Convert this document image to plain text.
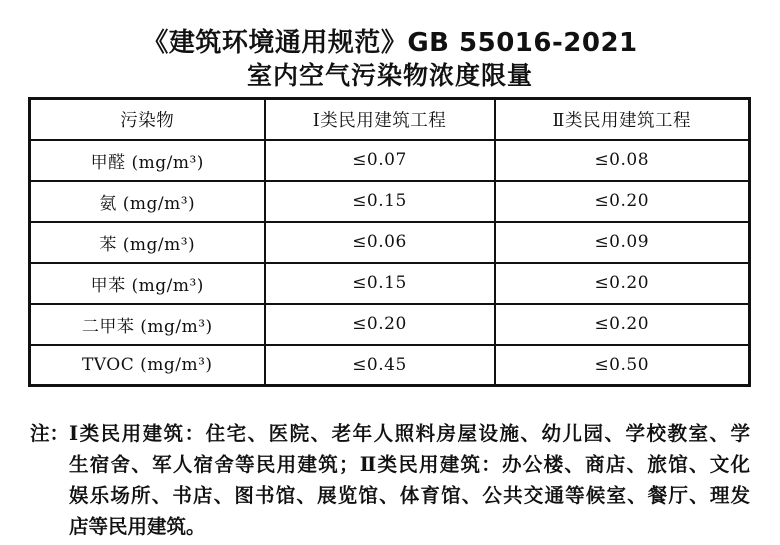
《建筑环境通用规范》GB 55016-2021
室内空气污染物浓度限量
污染物	Ⅰ类民用建筑工程	Ⅱ类民用建筑工程
甲醛 (mg/m³)	≤0.07	≤0.08
氨 (mg/m³)	≤0.15	≤0.20
苯 (mg/m³)	≤0.06	≤0.09
甲苯 (mg/m³)	≤0.15	≤0.20
二甲苯 (mg/m³)	≤0.20	≤0.20
TVOC (mg/m³)	≤0.45	≤0.50
注： Ⅰ类民用建筑：住宅、医院、老年人照料房屋设施、幼儿园、学校教室、学
生宿舍、军人宿舍等民用建筑；Ⅱ类民用建筑：办公楼、商店、旅馆、文化
娱乐场所、书店、图书馆、展览馆、体育馆、公共交通等候室、餐厅、理发
店等民用建筑。
